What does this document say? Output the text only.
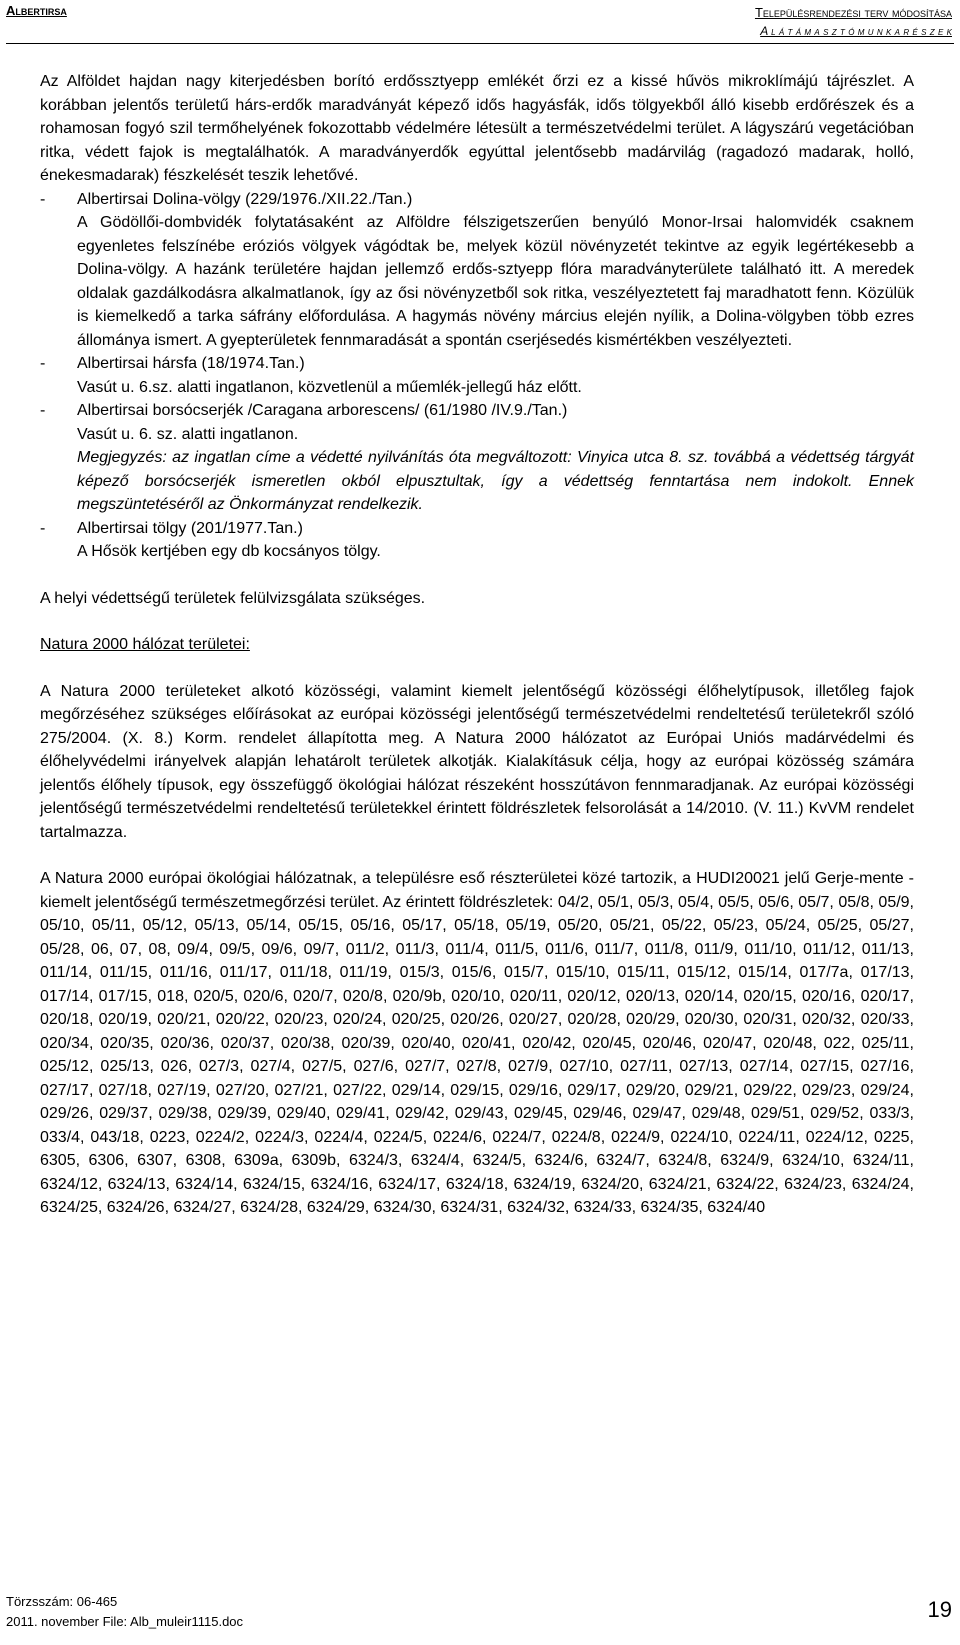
Albertirsa	Településrendezési terv módosítása
A l á t á m a s z t ó m u n k a r é s z e k

Az Alföldet hajdan nagy kiterjedésben borító erdőssztyepp emlékét őrzi ez a kissé hűvös mikroklímájú tájrészlet. A korábban jelentős területű hárs-erdők maradványát képező idős hagyásfák, idős tölgyekből álló kisebb erdőrészek és a rohamosan fogyó szil termőhelyének fokozottabb védelmére létesült a természetvédelmi terület. A lágyszárú vegetációban ritka, védett fajok is megtalálhatók. A maradványerdők egyúttal jelentősebb madárvilág (ragadozó madarak, holló, énekesmadarak) fészkelését teszik lehetővé.

- Albertirsai Dolina-völgy (229/1976./XII.22./Tan.)

A Gödöllői-dombvidék folytatásaként az Alföldre félszigetszerűen benyúló Monor-Irsai halomvidék csaknem egyenletes felszínébe eróziós völgyek vágódtak be, melyek közül növényzetét tekintve az egyik legértékesebb a Dolina-völgy. A hazánk területére hajdan jellemző erdős-sztyepp flóra maradványterülete található itt. A meredek oldalak gazdálkodásra alkalmatlanok, így az ősi növényzetből sok ritka, veszélyeztetett faj maradhatott fenn. Közülük is kiemelkedő a tarka sáfrány előfordulása. A hagymás növény március elején nyílik, a Dolina-völgyben több ezres állománya ismert. A gyepterületek fennmaradását a spontán cserjésedés kismértékben veszélyezteti.

- Albertirsai hársfa (18/1974.Tan.)

Vasút u. 6.sz. alatti ingatlanon, közvetlenül a műemlék-jellegű ház előtt.

- Albertirsai borsócserjék /Caragana arborescens/ (61/1980 /IV.9./Tan.)

Vasút u. 6. sz. alatti ingatlanon.

Megjegyzés: az ingatlan címe a védetté nyilvánítás óta megváltozott: Vinyica utca 8. sz. továbbá a védettség tárgyát képező borsócserjék ismeretlen okból elpusztultak, így a védettség fenntartása nem indokolt. Ennek megszüntetéséről az Önkormányzat rendelkezik.

- Albertirsai tölgy (201/1977.Tan.)

A Hősök kertjében egy db kocsányos tölgy.

A helyi védettségű területek felülvizsgálata szükséges.

Natura 2000 hálózat területei:

A Natura 2000 területeket alkotó közösségi, valamint kiemelt jelentőségű közösségi élőhelytípusok, illetőleg fajok megőrzéséhez szükséges előírásokat az európai közösségi jelentőségű természetvédelmi rendeltetésű területekről szóló 275/2004. (X. 8.) Korm. rendelet állapította meg. A Natura 2000 hálózatot az Európai Uniós madárvédelmi és élőhelyvédelmi irányelvek alapján lehatárolt területek alkotják. Kialakításuk célja, hogy az európai közösség számára jelentős élőhely típusok, egy összefüggő ökológiai hálózat részeként hosszútávon fennmaradjanak. Az európai közösségi jelentőségű természetvédelmi rendeltetésű területekkel érintett földrészletek felsorolását a 14/2010. (V. 11.) KvVM rendelet tartalmazza.

A Natura 2000 európai ökológiai hálózatnak, a településre eső részterületei közé tartozik, a HUDI20021 jelű Gerje-mente - kiemelt jelentőségű természetmegőrzési terület. Az érintett földrészletek: 04/2, 05/1, 05/3, 05/4, 05/5, 05/6, 05/7, 05/8, 05/9, 05/10, 05/11, 05/12, 05/13, 05/14, 05/15, 05/16, 05/17, 05/18, 05/19, 05/20, 05/21, 05/22, 05/23, 05/24, 05/25, 05/27, 05/28, 06, 07, 08, 09/4, 09/5, 09/6, 09/7, 011/2, 011/3, 011/4, 011/5, 011/6, 011/7, 011/8, 011/9, 011/10, 011/12, 011/13, 011/14, 011/15, 011/16, 011/17, 011/18, 011/19, 015/3, 015/6, 015/7, 015/10, 015/11, 015/12, 015/14, 017/7a, 017/13, 017/14, 017/15, 018, 020/5, 020/6, 020/7, 020/8, 020/9b, 020/10, 020/11, 020/12, 020/13, 020/14, 020/15, 020/16, 020/17, 020/18, 020/19, 020/21, 020/22, 020/23, 020/24, 020/25, 020/26, 020/27, 020/28, 020/29, 020/30, 020/31, 020/32, 020/33, 020/34, 020/35, 020/36, 020/37, 020/38, 020/39, 020/40, 020/41, 020/42, 020/45, 020/46, 020/47, 020/48, 022, 025/11, 025/12, 025/13, 026, 027/3, 027/4, 027/5, 027/6, 027/7, 027/8, 027/9, 027/10, 027/11, 027/13, 027/14, 027/15, 027/16, 027/17, 027/18, 027/19, 027/20, 027/21, 027/22, 029/14, 029/15, 029/16, 029/17, 029/20, 029/21, 029/22, 029/23, 029/24, 029/26, 029/37, 029/38, 029/39, 029/40, 029/41, 029/42, 029/43, 029/45, 029/46, 029/47, 029/48, 029/51, 029/52, 033/3, 033/4, 043/18, 0223, 0224/2, 0224/3, 0224/4, 0224/5, 0224/6, 0224/7, 0224/8, 0224/9, 0224/10, 0224/11, 0224/12, 0225, 6305, 6306, 6307, 6308, 6309a, 6309b, 6324/3, 6324/4, 6324/5, 6324/6, 6324/7, 6324/8, 6324/9, 6324/10, 6324/11, 6324/12, 6324/13, 6324/14, 6324/15, 6324/16, 6324/17, 6324/18, 6324/19, 6324/20, 6324/21, 6324/22, 6324/23, 6324/24, 6324/25, 6324/26, 6324/27, 6324/28, 6324/29, 6324/30, 6324/31, 6324/32, 6324/33, 6324/35, 6324/40

Törzsszám: 06-465
2011. november File: Alb_muleir1115.doc	19
